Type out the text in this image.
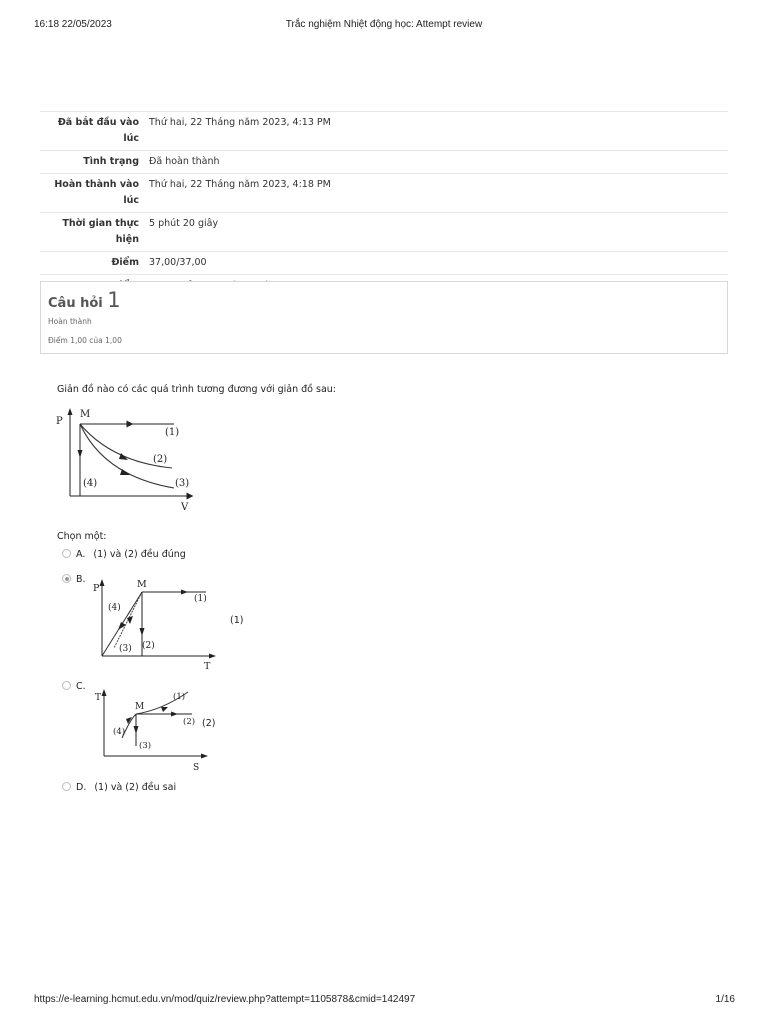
16:18 22/05/2023	Trắc nghiệm Nhiệt động học: Attempt review
Đã bắt đầu vào lúc	Thứ hai, 22 Tháng năm 2023, 4:13 PM
Tình trạng	Đã hoàn thành
Hoàn thành vào lúc	Thứ hai, 22 Tháng năm 2023, 4:18 PM
Thời gian thực hiện	5 phút 20 giây
Điểm	37,00/37,00

Câu hỏi 1
Hoàn thành
Điểm 1,00 của 1,00
Giản đồ nào có các quá trình tương đương với giản đồ sau:
P
M
V
(1)
(2)
(3)
(4)
Chọn một:
A. (1) và (2) đều đúng
B.
P	M
T
(1)
(2)
(3)
(4)
(1)
C.
T
M
S
(1)
(2)
(3)
(4)
(2)
D. (1) và (2) đều sai
https://e-learning.hcmut.edu.vn/mod/quiz/review.php?attempt=1105878&cmid=142497	1/16
